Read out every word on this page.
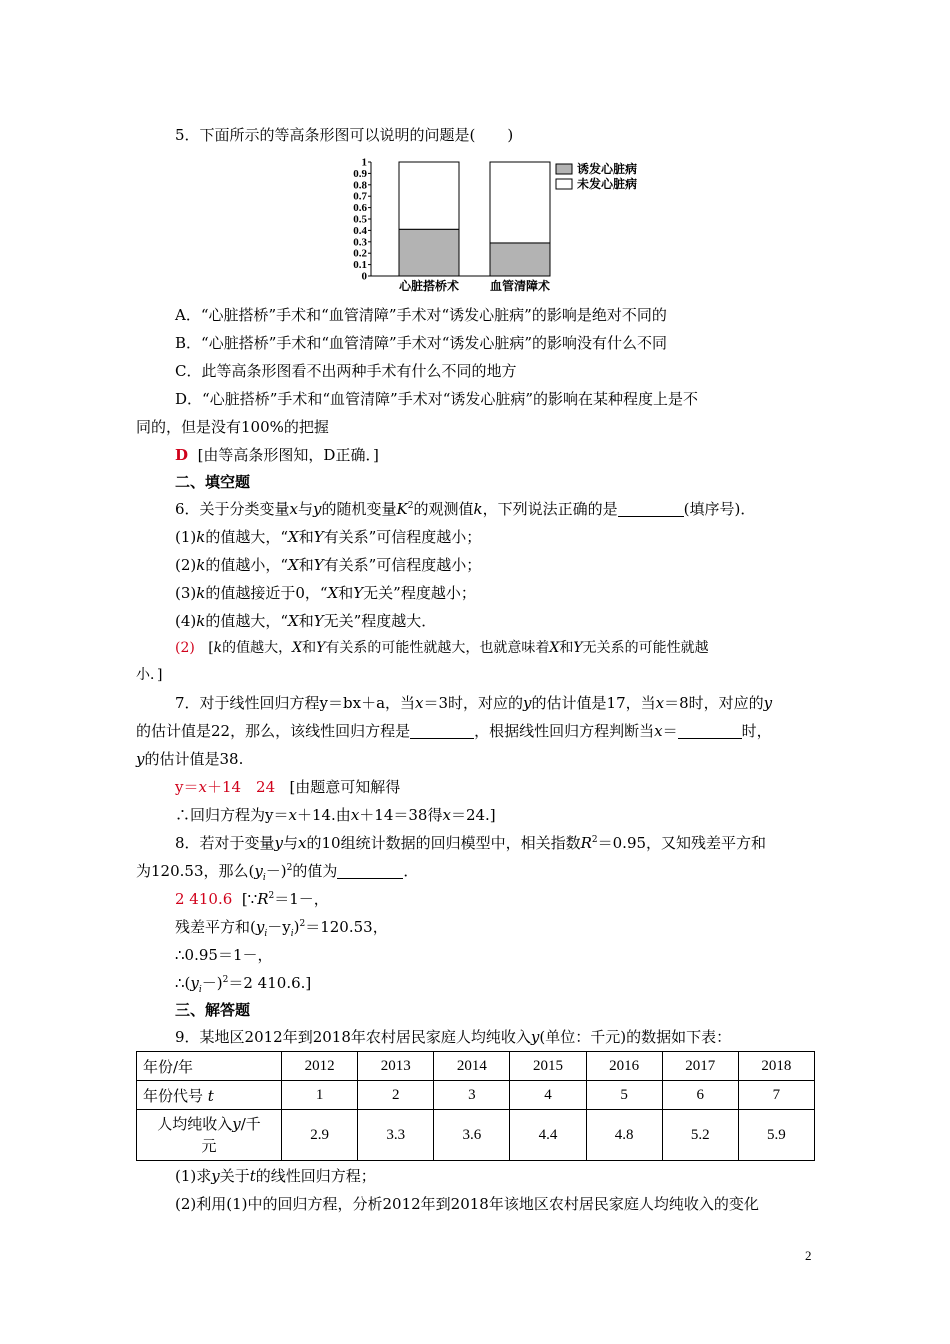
5．下面所示的等高条形图可以说明的问题是( )
0
0.1
0.2
0.3
0.4
0.5
0.6
0.7
0.8
0.9
1
心脏搭桥术	血管清障术
诱发心脏病
未发心脏病
A．“心脏搭桥”手术和“血管清障”手术对“诱发心脏病”的影响是绝对不同的
B．“心脏搭桥”手术和“血管清障”手术对“诱发心脏病”的影响没有什么不同
C．此等高条形图看不出两种手术有什么不同的地方
D．“心脏搭桥”手术和“血管清障”手术对“诱发心脏病”的影响在某种程度上是不
同的，但是没有100%的把握
D [由等高条形图知，D正确．]
二、填空题
6．关于分类变量x与y的随机变量$K^2$的观测值k，下列说法正确的是	(填序号)．
(1)k的值越大，“X和Y有关系”可信程度越小；
(2)k的值越小，“X和Y有关系”可信程度越小；
(3)k的值越接近于0，“X和Y无关”程度越小；
(4)k的值越大，“X和Y无关”程度越大．
(2) [k的值越大，X和Y有关系的可能性就越大，也就意味着X和Y无关系的可能性就越
小．]
7．对于线性回归方程y＝bx＋a，当x＝3时，对应的y的估计值是17，当x＝8时，对应的y
的估计值是22，那么，该线性回归方程是	，根据线性回归方程判断当x＝	时，
y的估计值是38.
y＝x＋14　24 [由题意可知解得
∴回归方程为y＝x＋14.由x＋14＝38得x＝24.]
8．若对于变量y与x的10组统计数据的回归模型中，相关指数$R^2=0.95$，又知残差平方和
为120.53，那么$(y_i-)^2$的值为	．
2 410.6 [$\because R^2=1-$，
残差平方和$(y_i-y_i)^2=120.53$，
∴0.95＝1－，
$\therefore(y_i-)^2=2$ 410.6.]
三、解答题
9．某地区2012年到2018年农村居民家庭人均纯收入y(单位：千元)的数据如下表：
年份/年	2012	2013	2014	2015	2016	2017	2018
年份代号 t	1	2	3	4	5	6	7
人均纯收入y/千
元	2.9	3.3	3.6	4.4	4.8	5.2	5.9
(1)求y关于t的线性回归方程；
(2)利用(1)中的回归方程，分析2012年到2018年该地区农村居民家庭人均纯收入的变化
2
